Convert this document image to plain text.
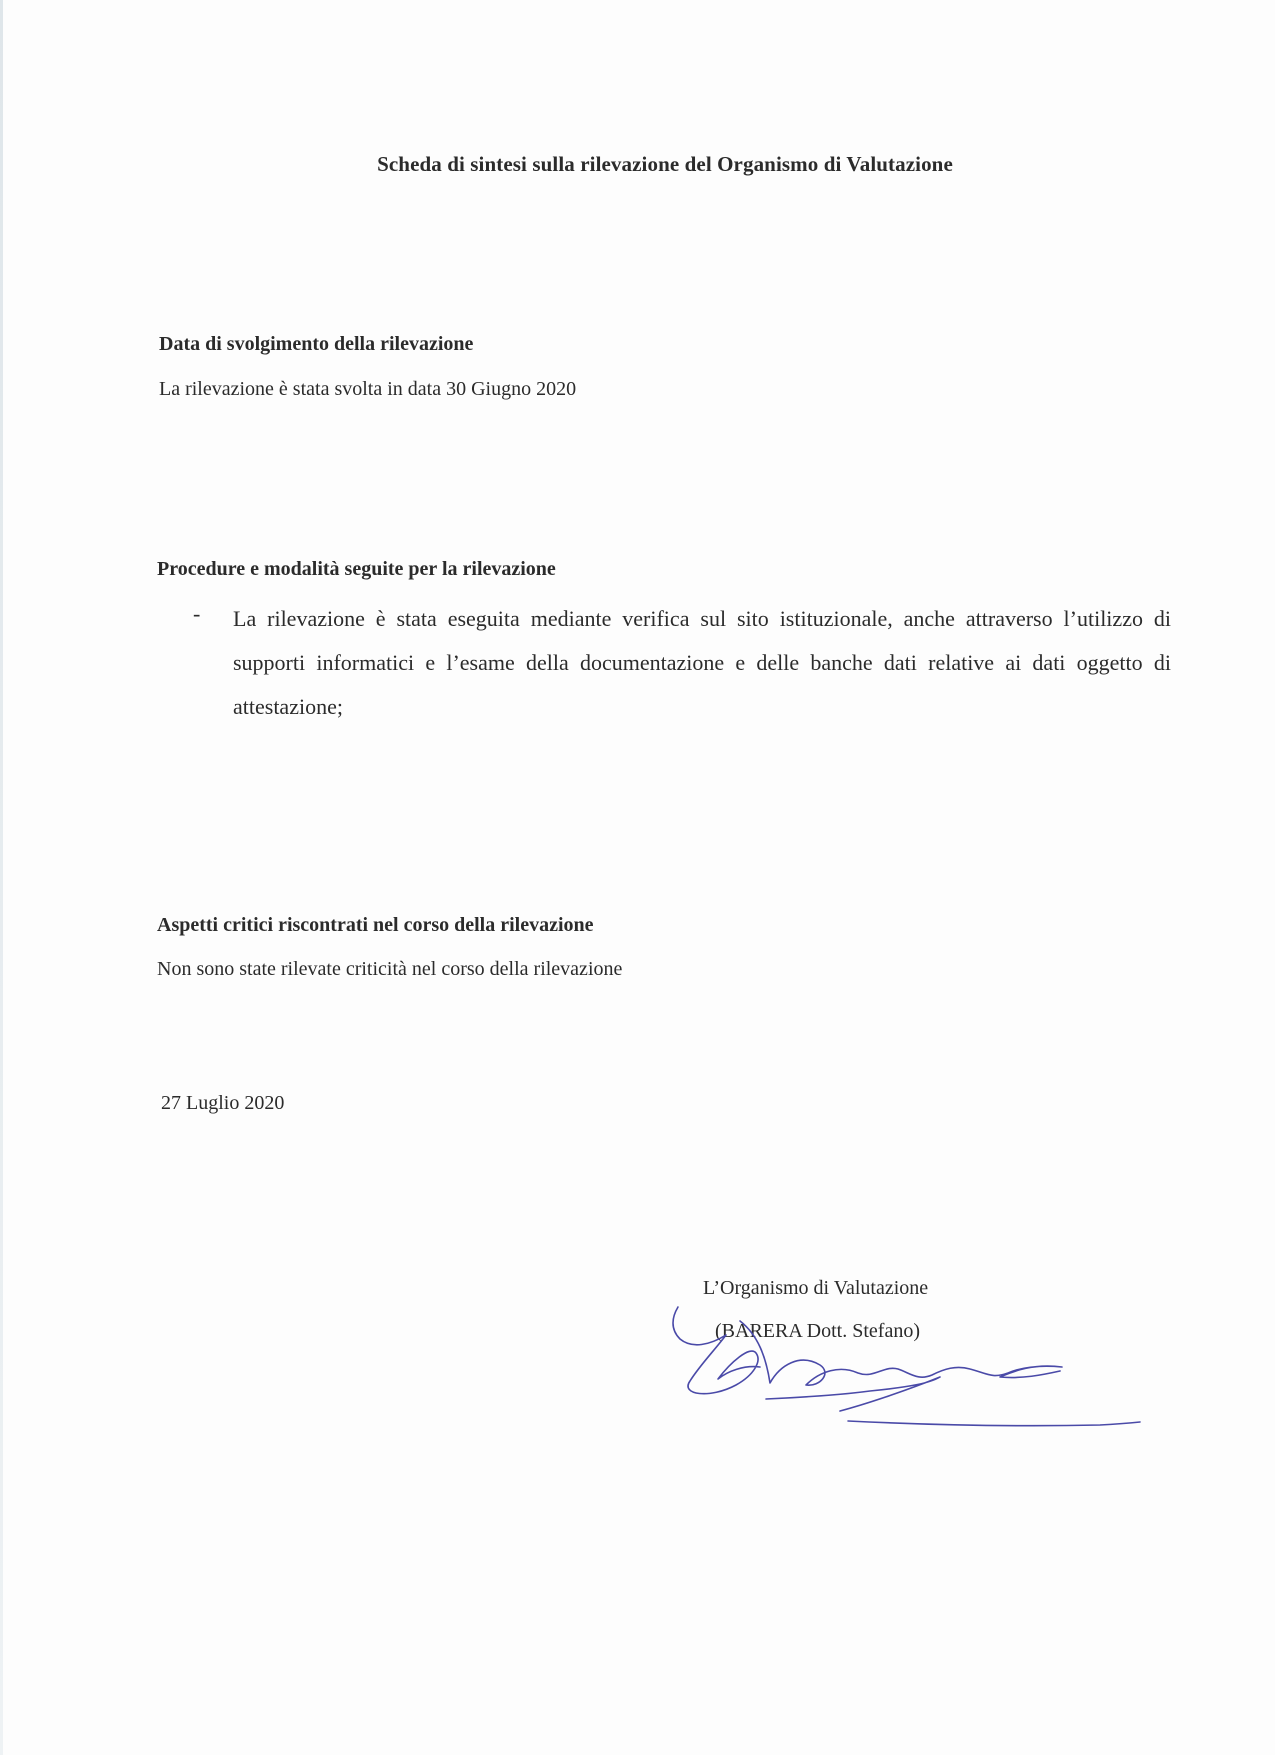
Scheda di sintesi sulla rilevazione del Organismo di Valutazione
Data di svolgimento della rilevazione
La rilevazione è stata svolta in data 30 Giugno 2020
Procedure e modalità seguite per la rilevazione
- La rilevazione è stata eseguita mediante verifica sul sito istituzionale, anche attraverso l’utilizzo di supporti informatici e l’esame della documentazione e delle banche dati relative ai dati oggetto di attestazione;
Aspetti critici riscontrati nel corso della rilevazione
Non sono state rilevate criticità nel corso della rilevazione
27 Luglio 2020
L’Organismo di Valutazione
(BARERA Dott. Stefano)
